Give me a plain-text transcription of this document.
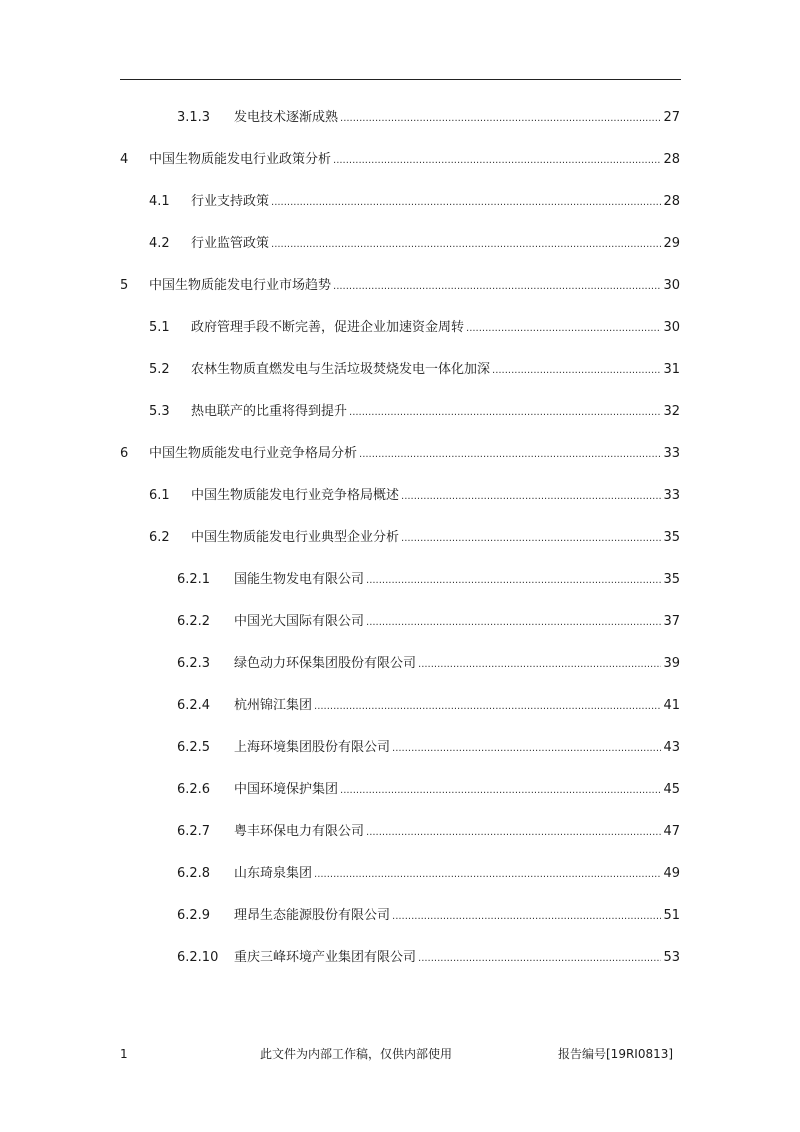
3.1.3	发电技术逐渐成熟 .....	27
4	中国生物质能发电行业政策分析 .....	28
4.1	行业支持政策 .....	28
4.2	行业监管政策 .....	29
5	中国生物质能发电行业市场趋势 .....	30
5.1	政府管理手段不断完善，促进企业加速资金周转 .....	30
5.2	农林生物质直燃发电与生活垃圾焚烧发电一体化加深 .....	31
5.3	热电联产的比重将得到提升 .....	32
6	中国生物质能发电行业竞争格局分析 .....	33
6.1	中国生物质能发电行业竞争格局概述 .....	33
6.2	中国生物质能发电行业典型企业分析 .....	35
6.2.1	国能生物发电有限公司 .....	35
6.2.2	中国光大国际有限公司 .....	37
6.2.3	绿色动力环保集团股份有限公司 .....	39
6.2.4	杭州锦江集团 .....	41
6.2.5	上海环境集团股份有限公司 .....	43
6.2.6	中国环境保护集团 .....	45
6.2.7	粤丰环保电力有限公司 .....	47
6.2.8	山东琦泉集团 .....	49
6.2.9	理昂生态能源股份有限公司 .....	51
6.2.10	重庆三峰环境产业集团有限公司 .....	53
1	此文件为内部工作稿，仅供内部使用	报告编号[19RI0813]
